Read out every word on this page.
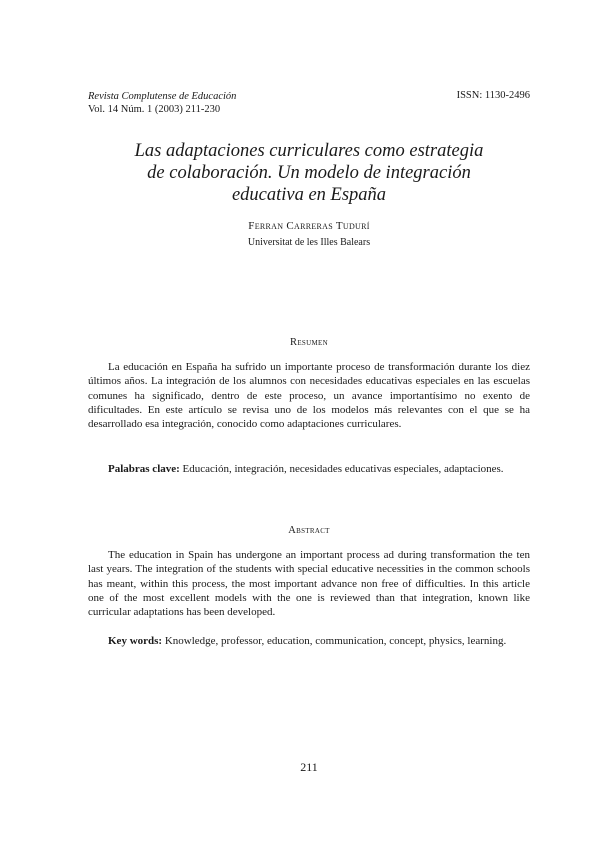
Revista Complutense de Educación
Vol. 14 Núm. 1 (2003) 211-230
ISSN: 1130-2496
Las adaptaciones curriculares como estrategia
de colaboración. Un modelo de integración
educativa en España
Ferran Carreras Tudurí
Universitat de les Illes Balears
Resumen

La educación en España ha sufrido un importante proceso de transformación durante los diez últimos años. La integración de los alumnos con necesidades educativas especiales en las escuelas comunes ha significado, dentro de este proceso, un avance importantísimo no exento de dificultades. En este artículo se revisa uno de los modelos más relevantes con el que se ha desarrollado esa integración, conocido como adaptaciones curriculares.

Palabras clave: Educación, integración, necesidades educativas especiales, adaptaciones.

Abstract

The education in Spain has undergone an important process ad during transformation the ten last years. The integration of the students with special educative necessities in the common schools has meant, within this process, the most important advance non free of difficulties. In this article one of the most excellent models with the one is reviewed than that integration, known like curricular adaptations has been developed.

Key words: Knowledge, professor, education, communication, concept, physics, learning.

211
